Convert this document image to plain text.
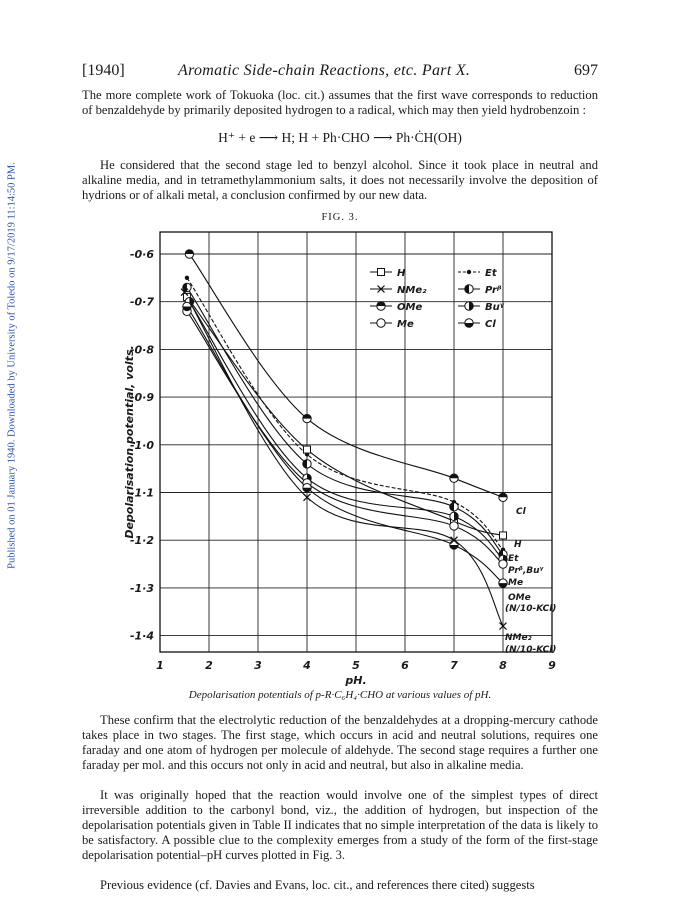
Published on 01 January 1940. Downloaded by University of Toledo on 9/17/2019 11:14:50 PM.
[1940]	Aromatic Side-chain Reactions, etc. Part X.	697

The more complete work of Tokuoka (loc. cit.) assumes that the first wave corresponds to reduction of benzaldehyde by primarily deposited hydrogen to a radical, which may then yield hydrobenzoin :

H⁺ + e ⟶ H; H + Ph·CHO ⟶ Ph·ĊH(OH)

He considered that the second stage led to benzyl alcohol. Since it took place in neutral and alkaline media, and in tetramethylammonium salts, it does not necessarily involve the deposition of hydrions or of alkali metal, a conclusion confirmed by our new data.

FIG. 3.
-0·6
-0·7
-0·8
-0·9
-1·0
-1·1
-1·2
-1·3
-1·4
1	2	3	4	5	6	7	8	9
H
NMe₂
OMe
Me
Et
Prᵝ
Buᵞ
Cl
Cl
H
Et
Prᵝ,Buᵞ
Me
OMe
(N/10-KCl)
NMe₂
(N/10-KCl)
Depolarisation potential, volts.
pH.
Depolarisation potentials of p-R·C₆H₄·CHO at various values of pH.

These confirm that the electrolytic reduction of the benzaldehydes at a dropping-mercury cathode takes place in two stages. The first stage, which occurs in acid and neutral solutions, requires one faraday and one atom of hydrogen per molecule of aldehyde. The second stage requires a further one faraday per mol. and this occurs not only in acid and neutral, but also in alkaline media.

It was originally hoped that the reaction would involve one of the simplest types of direct irreversible addition to the carbonyl bond, viz., the addition of hydrogen, but inspection of the depolarisation potentials given in Table II indicates that no simple interpretation of the data is likely to be satisfactory. A possible clue to the complexity emerges from a study of the form of the first-stage depolarisation potential–pH curves plotted in Fig. 3.

Previous evidence (cf. Davies and Evans, loc. cit., and references there cited) suggests
